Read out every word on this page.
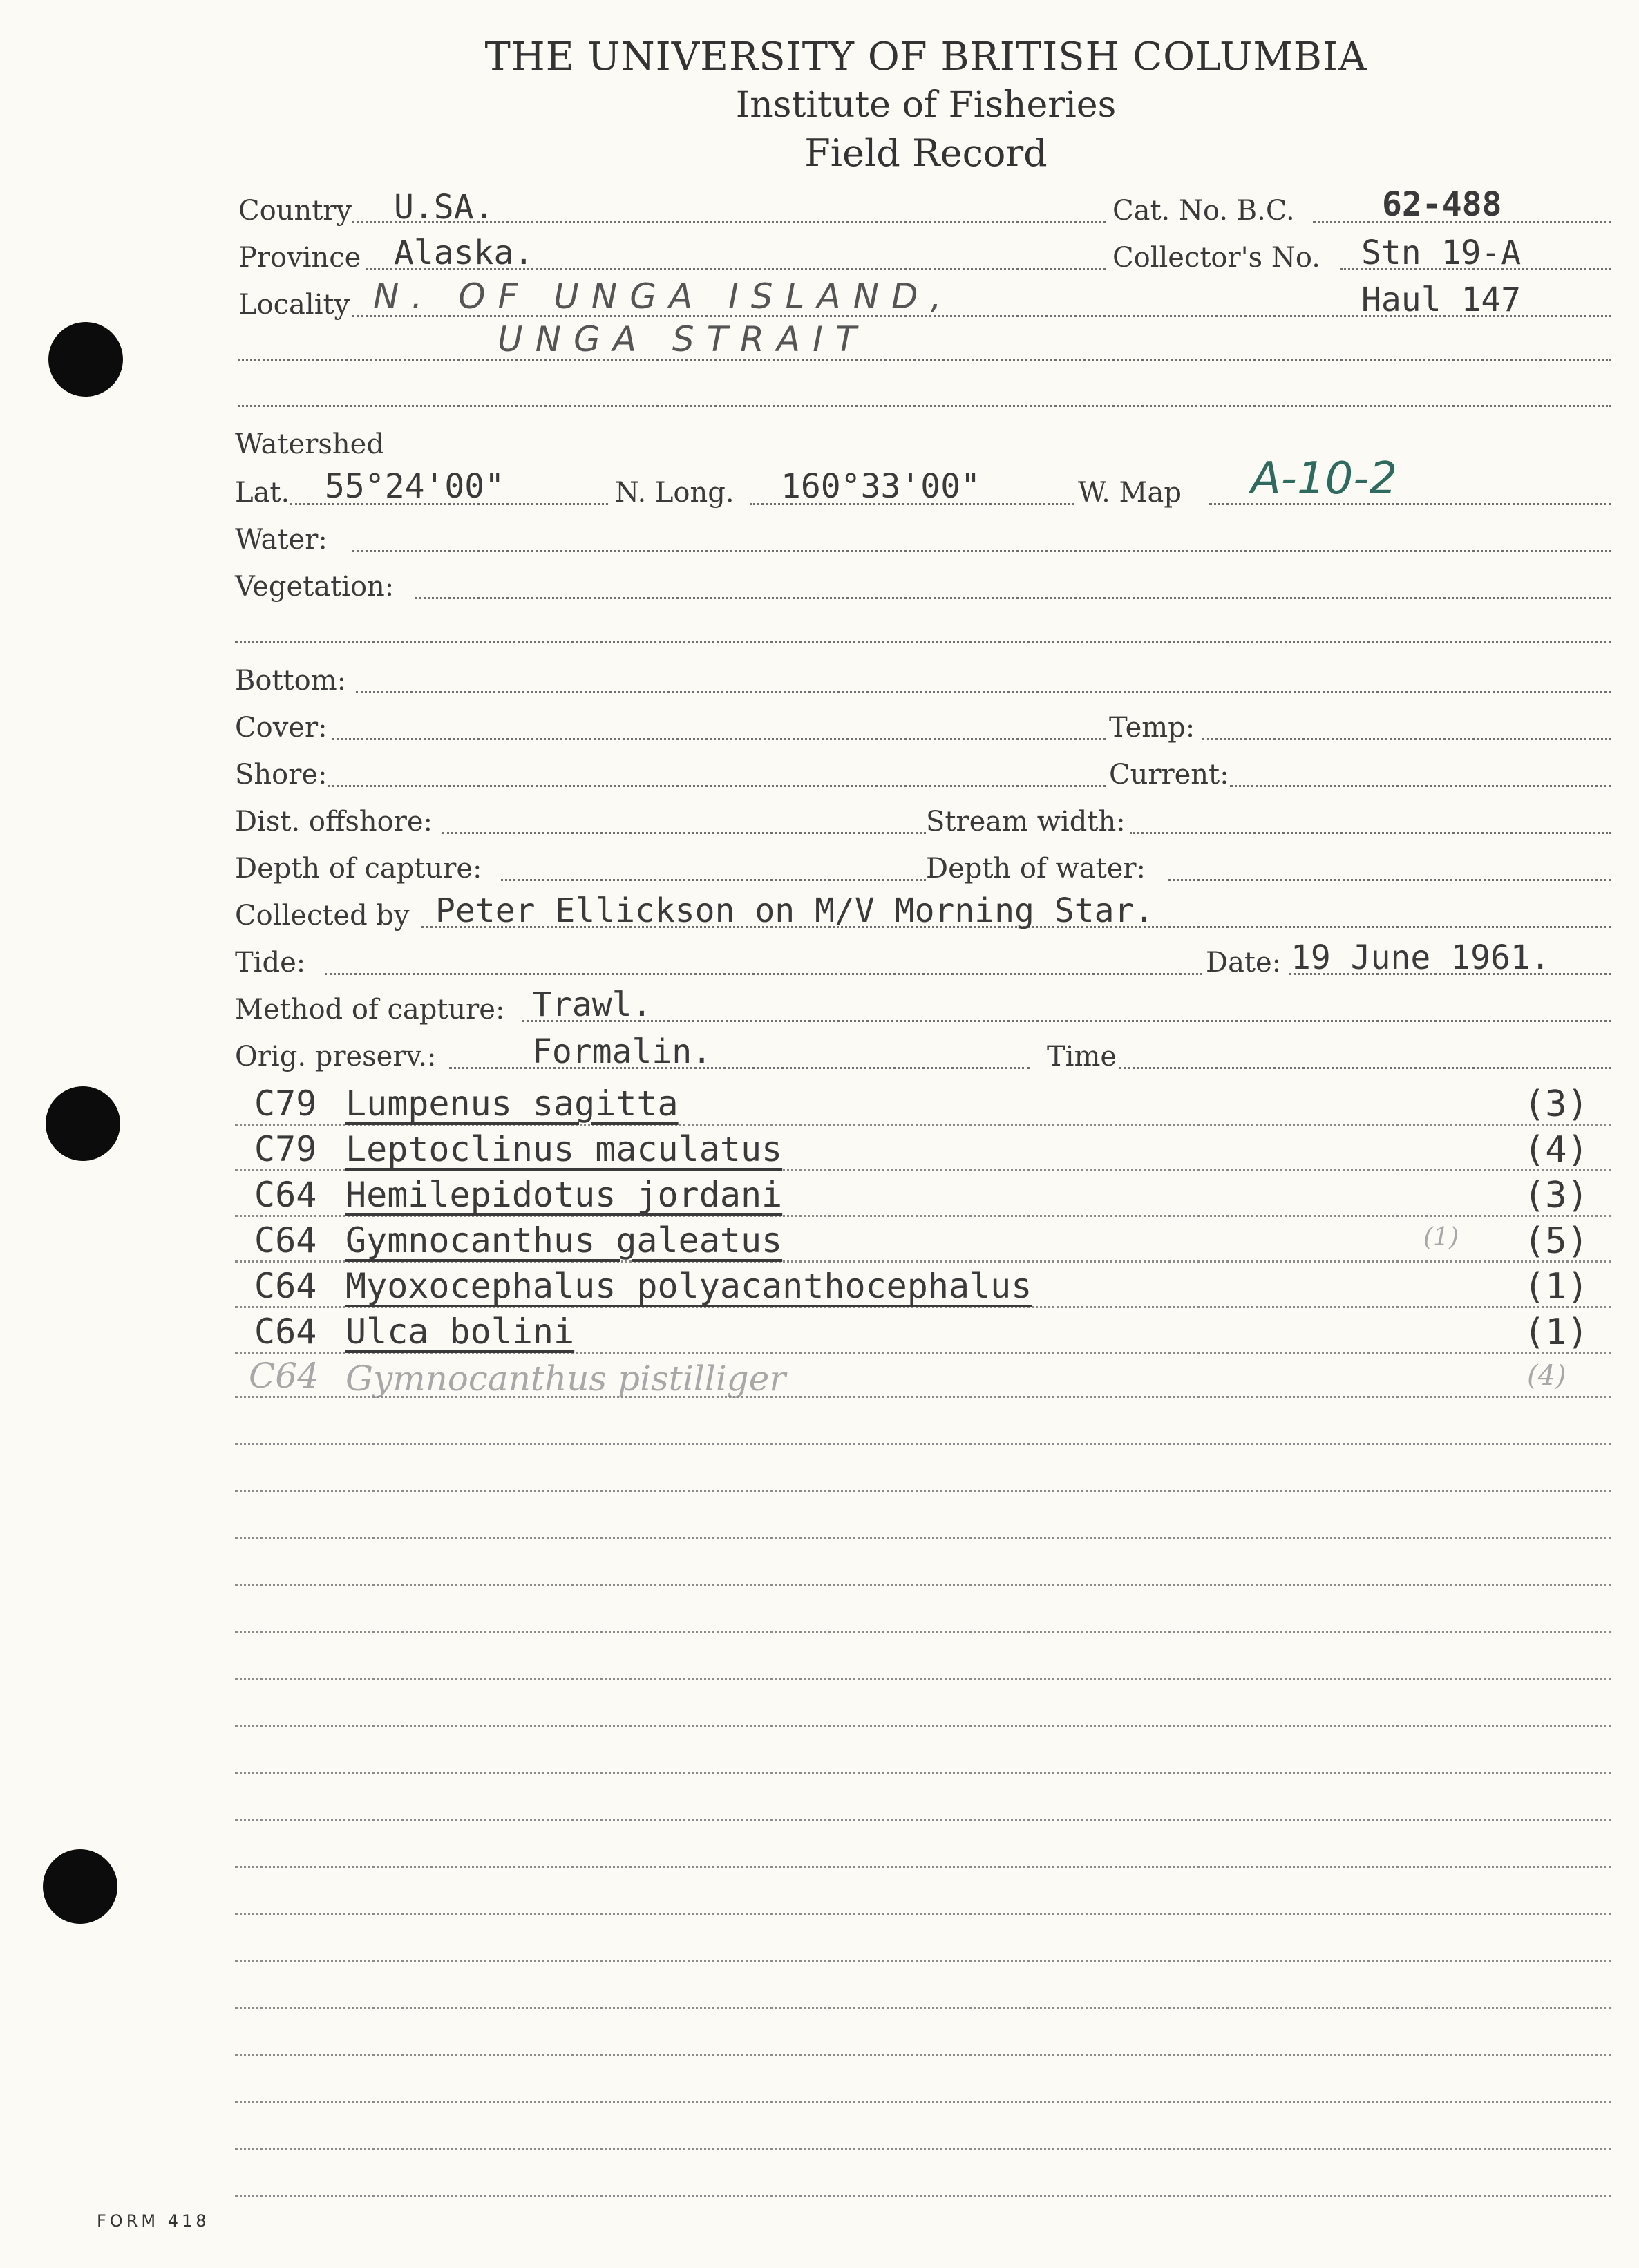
THE UNIVERSITY OF BRITISH COLUMBIA
Institute of Fisheries
Field Record
Country U.SA.	Cat. No. B.C.	62-488
Province Alaska.	Collector's No. Stn 19-A
Locality N. OF UNGA ISLAND,	Haul 147
UNGA STRAIT
Watershed
Lat. 55°24'00"	N. Long. 160°33'00"	W. Map A-10-2
Water:
Vegetation:
Bottom:
Cover:	Temp:
Shore:	Current:
Dist. offshore:	Stream width:
Depth of capture:	Depth of water:
Collected by Peter Ellickson on M/V Morning Star.
Tide:	Date: 19 June 1961.
Method of capture: Trawl.
Orig. preserv.:	Formalin.	Time
C79 Lumpenus sagitta	(3)
C79 Leptoclinus maculatus	(4)
C64 Hemilepidotus jordani	(3)
C64 Gymnocanthus galeatus	(1) (5)
C64 Myoxocephalus polyacanthocephalus	(1)
C64 Ulca bolini	(1)
C64 Gymnocanthus pistilliger	(4)
FORM 418
